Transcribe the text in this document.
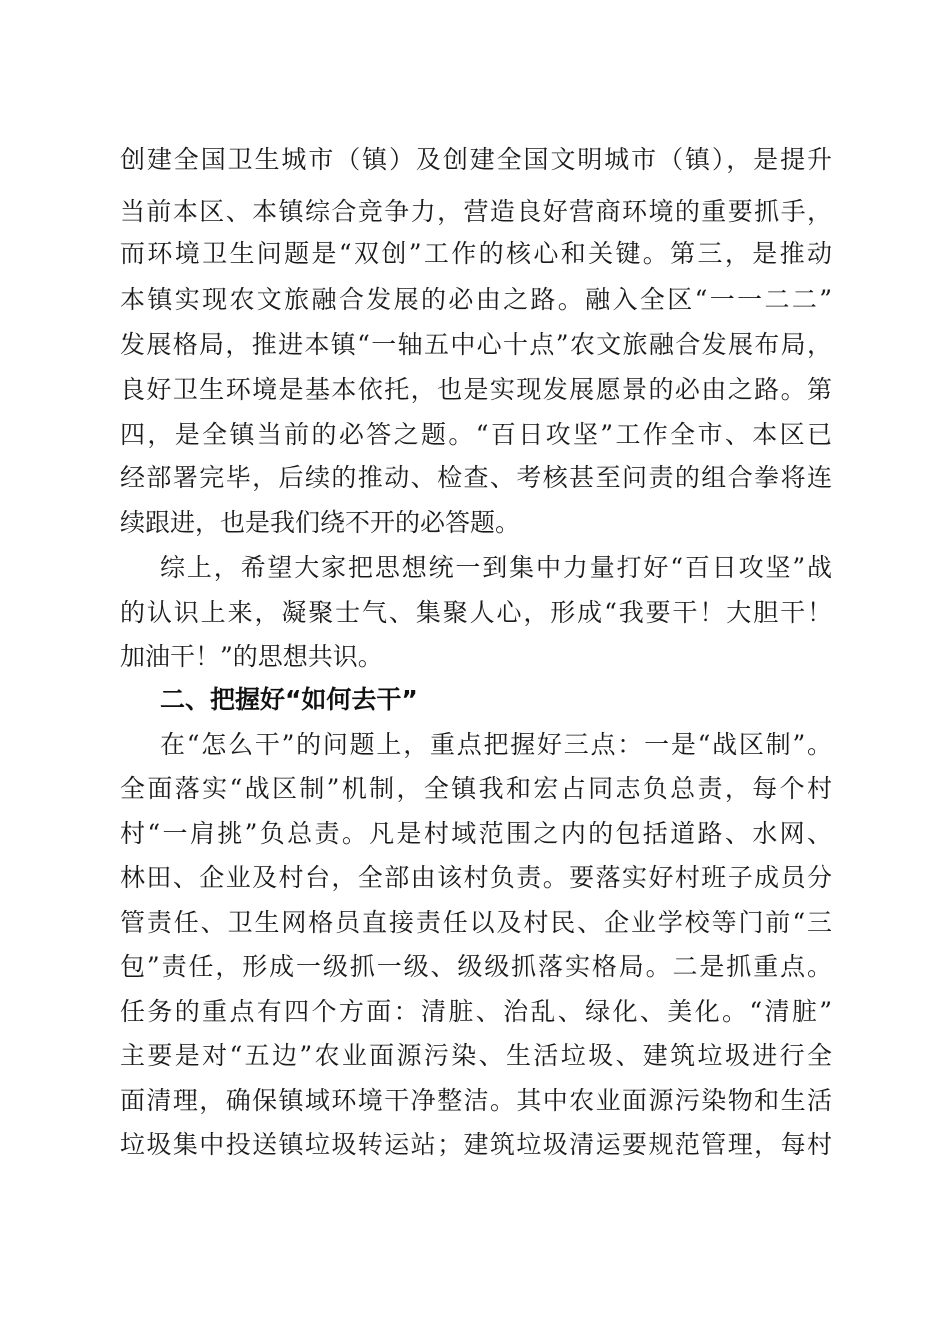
创建全国卫生城市（镇）及创建全国文明城市（镇），是提升
当前本区、本镇综合竞争力，营造良好营商环境的重要抓手，
而环境卫生问题是“双创”工作的核心和关键。第三，是推动
本镇实现农文旅融合发展的必由之路。融入全区“一一二二”
发展格局，推进本镇“一轴五中心十点”农文旅融合发展布局，
良好卫生环境是基本依托，也是实现发展愿景的必由之路。第
四，是全镇当前的必答之题。“百日攻坚”工作全市、本区已
经部署完毕，后续的推动、检查、考核甚至问责的组合拳将连
续跟进，也是我们绕不开的必答题。
综上，希望大家把思想统一到集中力量打好“百日攻坚”战
的认识上来，凝聚士气、集聚人心，形成“我要干！大胆干！
加油干！”的思想共识。
二、把握好“如何去干”
在“怎么干”的问题上，重点把握好三点：一是“战区制”。
全面落实“战区制”机制，全镇我和宏占同志负总责，每个村
村“一肩挑”负总责。凡是村域范围之内的包括道路、水网、
林田、企业及村台，全部由该村负责。要落实好村班子成员分
管责任、卫生网格员直接责任以及村民、企业学校等门前“三
包”责任，形成一级抓一级、级级抓落实格局。二是抓重点。
任务的重点有四个方面：清脏、治乱、绿化、美化。“清脏”
主要是对“五边”农业面源污染、生活垃圾、建筑垃圾进行全
面清理，确保镇域环境干净整洁。其中农业面源污染物和生活
垃圾集中投送镇垃圾转运站；建筑垃圾清运要规范管理，每村
